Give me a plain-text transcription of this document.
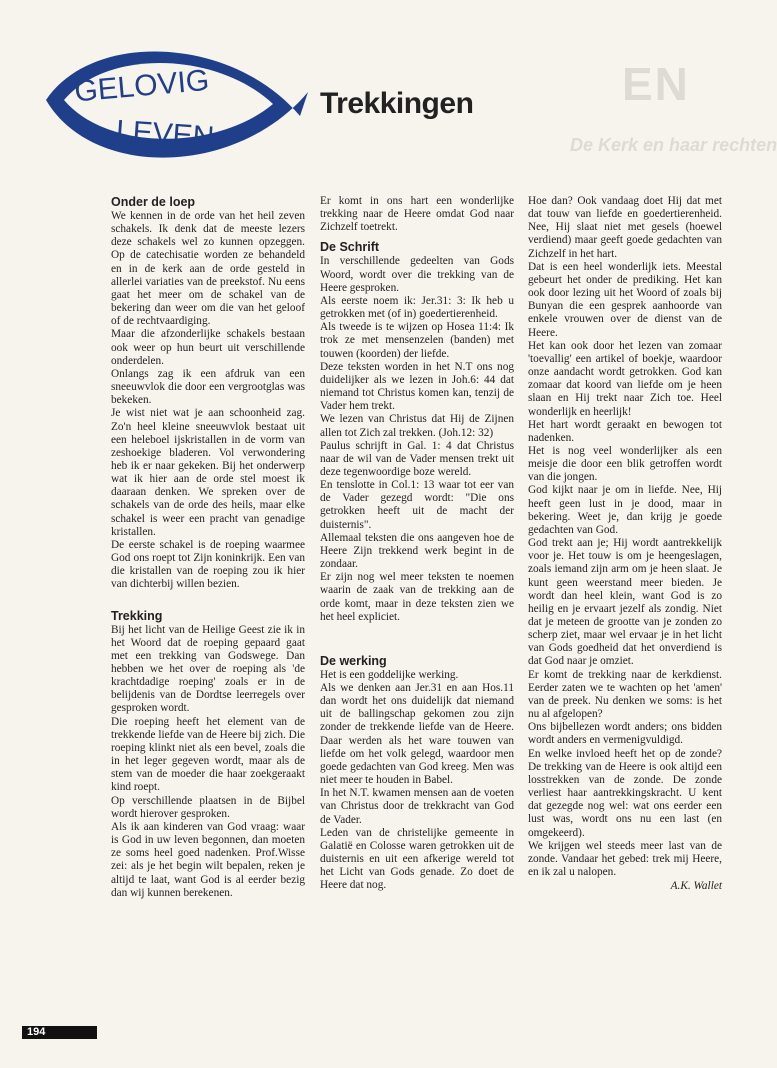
EN
De Kerk en haar rechten
GELOVIG
LEVEN
Trekkingen
Onder de loep

We kennen in de orde van het heil zeven schakels. Ik denk dat de meeste lezers deze schakels wel zo kunnen opzeggen. Op de catechisatie worden ze behandeld en in de kerk aan de orde gesteld in allerlei variaties van de preekstof. Nu eens gaat het meer om de schakel van de bekering dan weer om die van het geloof of de rechtvaardiging.

Maar die afzonderlijke schakels bestaan ook weer op hun beurt uit verschillende onderdelen.

Onlangs zag ik een afdruk van een sneeuwvlok die door een vergrootglas was bekeken.

Je wist niet wat je aan schoonheid zag. Zo'n heel kleine sneeuwvlok bestaat uit een heleboel ijskristallen in de vorm van zeshoekige bladeren. Vol verwondering heb ik er naar gekeken. Bij het onderwerp wat ik hier aan de orde stel moest ik daaraan denken. We spreken over de schakels van de orde des heils, maar elke schakel is weer een pracht van genadige kristallen.

De eerste schakel is de roeping waarmee God ons roept tot Zijn koninkrijk. Een van die kristallen van de roeping zou ik hier van dichterbij willen bezien.

Trekking

Bij het licht van de Heilige Geest zie ik in het Woord dat de roeping gepaard gaat met een trekking van Godswege. Dan hebben we het over de roeping als 'de krachtdadige roeping' zoals er in de belijdenis van de Dordtse leerregels over gesproken wordt.

Die roeping heeft het element van de trekkende liefde van de Heere bij zich. Die roeping klinkt niet als een bevel, zoals die in het leger gegeven wordt, maar als de stem van de moeder die haar zoekgeraakt kind roept.

Op verschillende plaatsen in de Bijbel wordt hierover gesproken.

Als ik aan kinderen van God vraag: waar is God in uw leven begonnen, dan moeten ze soms heel goed nadenken. Prof.Wisse zei: als je het begin wilt bepalen, reken je altijd te laat, want God is al eerder bezig dan wij kunnen berekenen.

Er komt in ons hart een wonderlijke trekking naar de Heere omdat God naar Zichzelf toetrekt.

De Schrift

In verschillende gedeelten van Gods Woord, wordt over die trekking van de Heere gesproken.

Als eerste noem ik: Jer.31: 3: Ik heb u getrokken met (of in) goedertierenheid.

Als tweede is te wijzen op Hosea 11:4: Ik trok ze met mensenzelen (banden) met touwen (koorden) der liefde.

Deze teksten worden in het N.T ons nog duidelijker als we lezen in Joh.6: 44 dat niemand tot Christus komen kan, tenzij de Vader hem trekt.

We lezen van Christus dat Hij de Zijnen allen tot Zich zal trekken. (Joh.12: 32)

Paulus schrijft in Gal. 1: 4 dat Christus naar de wil van de Vader mensen trekt uit deze tegenwoordige boze wereld.

En tenslotte in Col.1: 13 waar tot eer van de Vader gezegd wordt: "Die ons getrokken heeft uit de macht der duisternis".

Allemaal teksten die ons aangeven hoe de Heere Zijn trekkend werk begint in de zondaar.

Er zijn nog wel meer teksten te noemen waarin de zaak van de trekking aan de orde komt, maar in deze teksten zien we het heel expliciet.

De werking

Het is een goddelijke werking.

Als we denken aan Jer.31 en aan Hos.11 dan wordt het ons duidelijk dat niemand uit de ballingschap gekomen zou zijn zonder de trekkende liefde van de Heere. Daar werden als het ware touwen van liefde om het volk gelegd, waardoor men goede gedachten van God kreeg. Men was niet meer te houden in Babel.

In het N.T. kwamen mensen aan de voeten van Christus door de trekkracht van God de Vader.

Leden van de christelijke gemeente in Galatië en Colosse waren getrokken uit de duisternis en uit een afkerige wereld tot het Licht van Gods genade. Zo doet de Heere dat nog.

Hoe dan? Ook vandaag doet Hij dat met dat touw van liefde en goedertierenheid. Nee, Hij slaat niet met gesels (hoewel verdiend) maar geeft goede gedachten van Zichzelf in het hart.

Dat is een heel wonderlijk iets. Meestal gebeurt het onder de prediking. Het kan ook door lezing uit het Woord of zoals bij Bunyan die een gesprek aanhoorde van enkele vrouwen over de dienst van de Heere.

Het kan ook door het lezen van zomaar 'toevallig' een artikel of boekje, waardoor onze aandacht wordt getrokken. God kan zomaar dat koord van liefde om je heen slaan en Hij trekt naar Zich toe. Heel wonderlijk en heerlijk!

Het hart wordt geraakt en bewogen tot nadenken.

Het is nog veel wonderlijker als een meisje die door een blik getroffen wordt van die jongen.

God kijkt naar je om in liefde. Nee, Hij heeft geen lust in je dood, maar in bekering. Weet je, dan krijg je goede gedachten van God.

God trekt aan je; Hij wordt aantrekkelijk voor je. Het touw is om je heengeslagen, zoals iemand zijn arm om je heen slaat. Je kunt geen weerstand meer bieden. Je wordt dan heel klein, want God is zo heilig en je ervaart jezelf als zondig. Niet dat je meteen de grootte van je zonden zo scherp ziet, maar wel ervaar je in het licht van Gods goedheid dat het onverdiend is dat God naar je omziet.

Er komt de trekking naar de kerkdienst. Eerder zaten we te wachten op het 'amen' van de preek. Nu denken we soms: is het nu al afgelopen?

Ons bijbellezen wordt anders; ons bidden wordt anders en vermenigvuldigd.

En welke invloed heeft het op de zonde? De trekking van de Heere is ook altijd een losstrekken van de zonde. De zonde verliest haar aantrekkingskracht. U kent dat gezegde nog wel: wat ons eerder een lust was, wordt ons nu een last (en omgekeerd).

We krijgen wel steeds meer last van de zonde. Vandaar het gebed: trek mij Heere, en ik zal u nalopen.

A.K. Wallet

194
